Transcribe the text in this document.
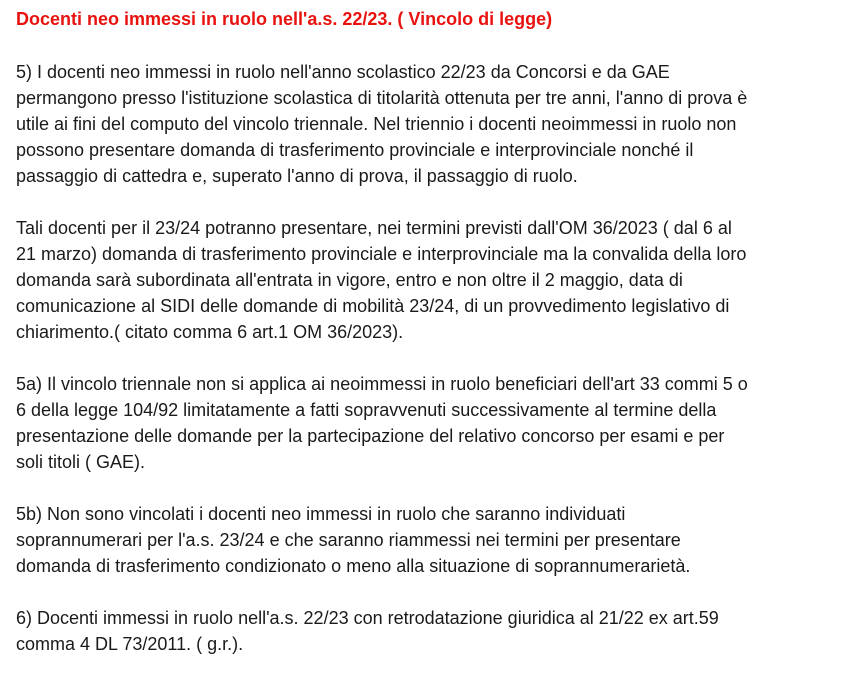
Docenti neo immessi in ruolo nell'a.s. 22/23. ( Vincolo di legge)

5) I docenti neo immessi in ruolo nell'anno scolastico 22/23 da Concorsi e da GAE
permangono presso l'istituzione scolastica di titolarità ottenuta per tre anni, l'anno di prova è
utile ai fini del computo del vincolo triennale. Nel triennio i docenti neoimmessi in ruolo non
possono presentare domanda di trasferimento provinciale e interprovinciale nonché il
passaggio di cattedra e, superato l'anno di prova, il passaggio di ruolo.

Tali docenti per il 23/24 potranno presentare, nei termini previsti dall'OM 36/2023 ( dal 6 al
21 marzo) domanda di trasferimento provinciale e interprovinciale ma la convalida della loro
domanda sarà subordinata all'entrata in vigore, entro e non oltre il 2 maggio, data di
comunicazione al SIDI delle domande di mobilità 23/24, di un provvedimento legislativo di
chiarimento.( citato comma 6 art.1 OM 36/2023).

5a) Il vincolo triennale non si applica ai neoimmessi in ruolo beneficiari dell'art 33 commi 5 o
6 della legge 104/92 limitatamente a fatti sopravvenuti successivamente al termine della
presentazione delle domande per la partecipazione del relativo concorso per esami e per
soli titoli ( GAE).

5b) Non sono vincolati i docenti neo immessi in ruolo che saranno individuati
soprannumerari per l'a.s. 23/24 e che saranno riammessi nei termini per presentare
domanda di trasferimento condizionato o meno alla situazione di soprannumerarietà.

6) Docenti immessi in ruolo nell'a.s. 22/23 con retrodatazione giuridica al 21/22 ex art.59
comma 4 DL 73/2011. ( g.r.).
